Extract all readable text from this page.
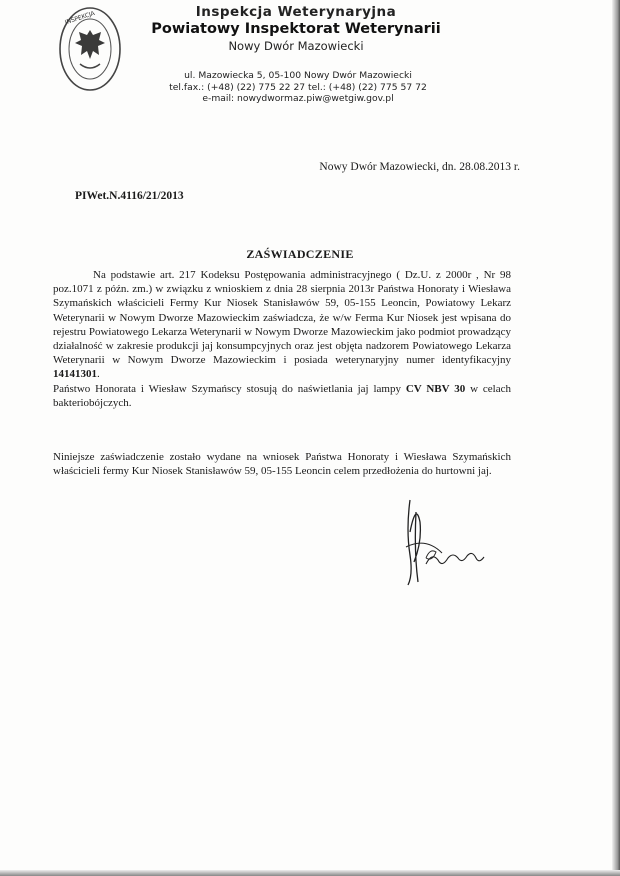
INSPEKCJA	Inspekcja Weterynaryjna
Powiatowy Inspektorat Weterynarii
Nowy Dwór Mazowiecki
ul. Mazowiecka 5, 05-100 Nowy Dwór Mazowiecki
tel.fax.: (+48) (22) 775 22 27 tel.: (+48) (22) 775 57 72
e-mail: nowydwormaz.piw@wetgiw.gov.pl
Nowy Dwór Mazowiecki, dn. 28.08.2013 r.
PIWet.N.4116/21/2013
ZAŚWIADCZENIE
Na podstawie art. 217 Kodeksu Postępowania administracyjnego ( Dz.U. z 2000r , Nr 98 poz.1071 z późn. zm.) w związku z wnioskiem z dnia 28 sierpnia 2013r Państwa Honoraty i Wiesława Szymańskich właścicieli Fermy Kur Niosek Stanisławów 59, 05-155 Leoncin, Powiatowy Lekarz Weterynarii w Nowym Dworze Mazowieckim zaświadcza, że w/w Ferma Kur Niosek jest wpisana do rejestru Powiatowego Lekarza Weterynarii w Nowym Dworze Mazowieckim jako podmiot prowadzący działalność w zakresie produkcji jaj konsumpcyjnych oraz jest objęta nadzorem Powiatowego Lekarza Weterynarii w Nowym Dworze Mazowieckim i posiada weterynaryjny numer identyfikacyjny 14141301.
Państwo Honorata i Wiesław Szymańscy stosują do naświetlania jaj lampy CV NBV 30 w celach bakteriobójczych.
Niniejsze zaświadczenie zostało wydane na wniosek Państwa Honoraty i Wiesława Szymańskich właścicieli fermy Kur Niosek Stanisławów 59, 05-155 Leoncin celem przedłożenia do hurtowni jaj.
